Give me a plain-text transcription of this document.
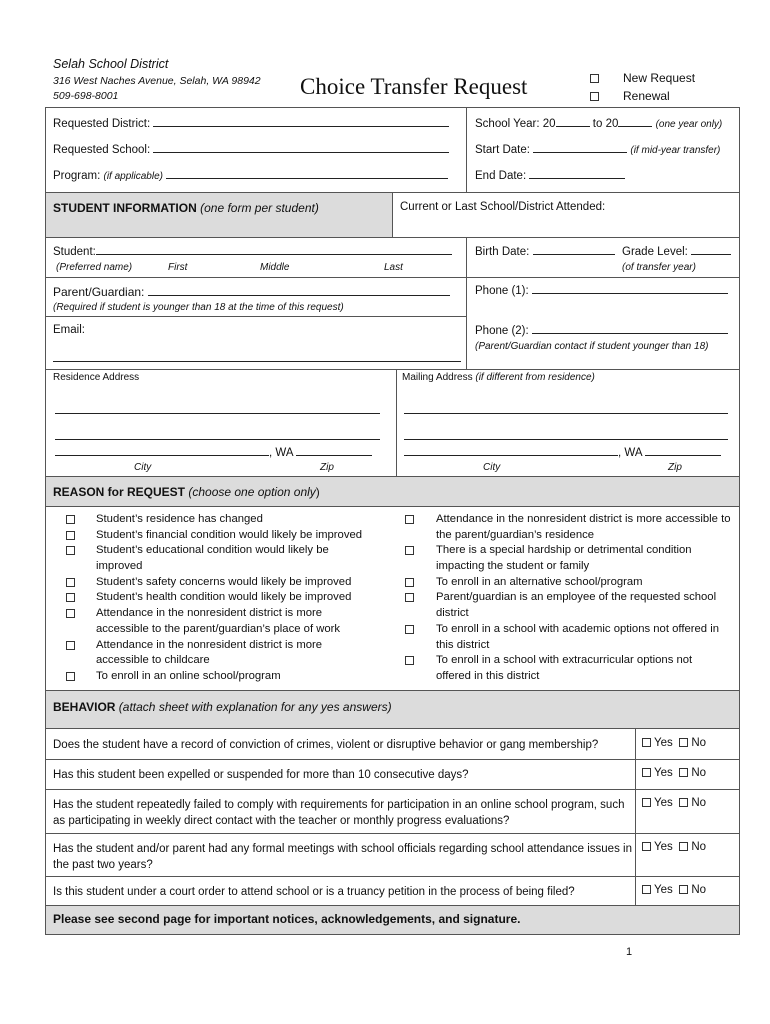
Selah School District
316 West Naches Avenue, Selah, WA 98942
509-698-8001	Choice Transfer Request	New Request
Renewal
Requested District:
Requested School:
Program: (if applicable)
School Year: 20	to 20	(one year only)
Start Date:	(if mid-year transfer)
End Date:
STUDENT INFORMATION (one form per student)	Current or Last School/District Attended:
Student:
(Preferred name)	First	Middle	Last
Birth Date:	Grade Level:
(of transfer year)
Parent/Guardian:
(Required if student is younger than 18 at the time of this request)
Phone (1):
Email:	Phone (2):
(Parent/Guardian contact if student younger than 18)
Residence Address	Mailing Address (if different from residence)
, WA
City	Zip
, WA
City	Zip
REASON for REQUEST (choose one option only)
Student’s residence has changed
Student’s financial condition would likely be improved
Student’s educational condition would likely be improved
Student’s safety concerns would likely be improved
Student’s health condition would likely be improved
Attendance in the nonresident district is more accessible to the parent/guardian’s place of work
Attendance in the nonresident district is more accessible to childcare
To enroll in an online school/program
Attendance in the nonresident district is more accessible to the parent/guardian’s residence
There is a special hardship or detrimental condition impacting the student or family
To enroll in an alternative school/program
Parent/guardian is an employee of the requested school district
To enroll in a school with academic options not offered in this district
To enroll in a school with extracurricular options not offered in this district
BEHAVIOR (attach sheet with explanation for any yes answers)
Does the student have a record of conviction of crimes, violent or disruptive behavior or gang membership?	Yes No
Has this student been expelled or suspended for more than 10 consecutive days?	Yes No
Has the student repeatedly failed to comply with requirements for participation in an online school program, such as participating in weekly direct contact with the teacher or monthly progress evaluations?
Yes No
Has the student and/or parent had any formal meetings with school officials regarding school attendance issues in the past two years?
Yes No
Is this student under a court order to attend school or is a truancy petition in the process of being filed?	Yes No
Please see second page for important notices, acknowledgements, and signature.
1
